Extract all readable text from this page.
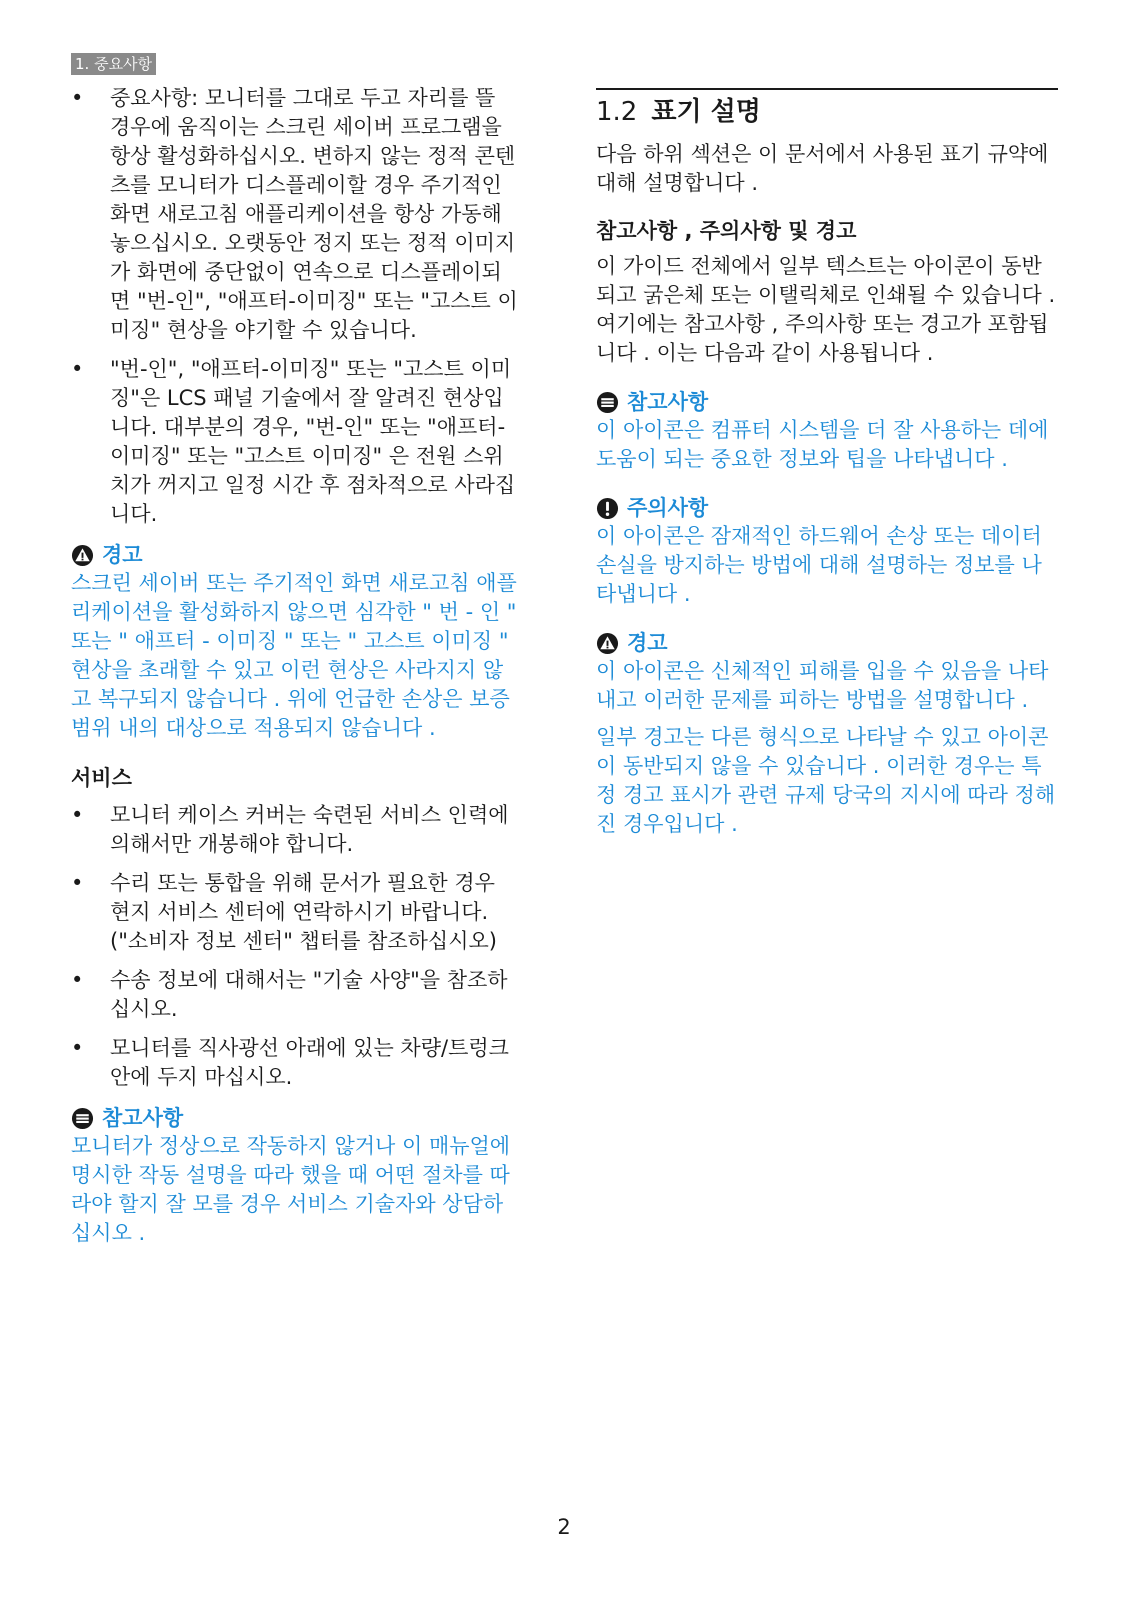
1. 중요사항
• 중요사항: 모니터를 그대로 두고 자리를 뜰 경우에 움직이는 스크린 세이버 프로그램을 항상 활성화하십시오. 변하지 않는 정적 콘텐츠를 모니터가 디스플레이할 경우 주기적인 화면 새로고침 애플리케이션을 항상 가동해 놓으십시오. 오랫동안 정지 또는 정적 이미지가 화면에 중단없이 연속으로 디스플레이되면 "번-인", "애프터-이미징" 또는 "고스트 이미징" 현상을 야기할 수 있습니다.
• "번-인", "애프터-이미징" 또는 "고스트 이미징"은 LCS 패널 기술에서 잘 알려진 현상입니다. 대부분의 경우, "번-인" 또는 "애프터-이미징" 또는 "고스트 이미징" 은 전원 스위치가 꺼지고 일정 시간 후 점차적으로 사라집니다.
경고
스크린 세이버 또는 주기적인 화면 새로고침 애플리케이션을 활성화하지 않으면 심각한 " 번 - 인 " 또는 " 애프터 - 이미징 " 또는 " 고스트 이미징 " 현상을 초래할 수 있고 이런 현상은 사라지지 않고 복구되지 않습니다 . 위에 언급한 손상은 보증 범위 내의 대상으로 적용되지 않습니다 .
서비스
• 모니터 케이스 커버는 숙련된 서비스 인력에 의해서만 개봉해야 합니다.
• 수리 또는 통합을 위해 문서가 필요한 경우 현지 서비스 센터에 연락하시기 바랍니다. ("소비자 정보 센터" 챕터를 참조하십시오)
• 수송 정보에 대해서는 "기술 사양"을 참조하십시오.
• 모니터를 직사광선 아래에 있는 차량/트렁크 안에 두지 마십시오.
참고사항
모니터가 정상으로 작동하지 않거나 이 매뉴얼에 명시한 작동 설명을 따라 했을 때 어떤 절차를 따라야 할지 잘 모를 경우 서비스 기술자와 상담하십시오 .
1.2 표기 설명
다음 하위 섹션은 이 문서에서 사용된 표기 규약에 대해 설명합니다 .
참고사항 , 주의사항 및 경고
이 가이드 전체에서 일부 텍스트는 아이콘이 동반되고 굵은체 또는 이탤릭체로 인쇄될 수 있습니다 . 여기에는 참고사항 , 주의사항 또는 경고가 포함됩니다 . 이는 다음과 같이 사용됩니다 .
참고사항
이 아이콘은 컴퓨터 시스템을 더 잘 사용하는 데에 도움이 되는 중요한 정보와 팁을 나타냅니다 .
주의사항
이 아이콘은 잠재적인 하드웨어 손상 또는 데이터 손실을 방지하는 방법에 대해 설명하는 정보를 나타냅니다 .
경고
이 아이콘은 신체적인 피해를 입을 수 있음을 나타내고 이러한 문제를 피하는 방법을 설명합니다 .
일부 경고는 다른 형식으로 나타날 수 있고 아이콘이 동반되지 않을 수 있습니다 . 이러한 경우는 특정 경고 표시가 관련 규제 당국의 지시에 따라 정해진 경우입니다 .
2
